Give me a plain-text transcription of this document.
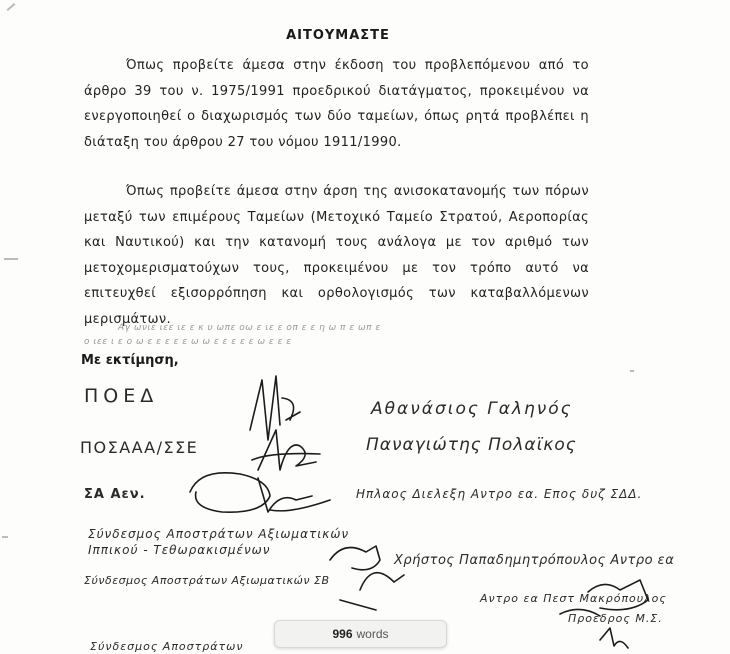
ΑΙΤΟΥΜΑΣΤΕ

Όπως προβείτε άμεσα στην έκδοση του προβλεπόμενου από το άρθρο 39 του ν. 1975/1991 προεδρικού διατάγματος, προκειμένου να ενεργοποιηθεί ο διαχωρισμός των δύο ταμείων, όπως ρητά προβλέπει η διάταξη του άρθρου 27 του νόμου 1911/1990.

Όπως προβείτε άμεσα στην άρση της ανισοκατανομής των πόρων μεταξύ των επιμέρους Ταμείων (Μετοχικό Ταμείο Στρατού, Αεροπορίας και Ναυτικού) και την κατανομή τους ανάλογα με τον αριθμό των μετοχομερισματούχων τους, προκειμένου με τον τρόπο αυτό να επιτευχθεί εξισορρόπηση και ορθολογισμός των καταβαλλόμενων μερισμάτων.

Αγ ωνιε ιεε ιε ε κ υ ωπε οω ε ιε ε οπ ε ε η ω π ε ωπ ε
ο ιεε ι ε ο ω ε ε ε ε ε ω ω ε ε ε ε ε ω ε ε ε
Με εκτίμηση,
ΠΟΕΔ
Αθανάσιος Γαληνός
ΠΟΣΑΑΑ/ΣΣΕ	Παναγιώτης Πολαϊκος
ΣΑ Αεν.	Ηπλαος Διελεξη Αντρο εα. Επος δυζ ΣΔΔ.
Σύνδεσμος Αποστράτων Αξιωματικών Ιππικού - Τεθωρακισμένων
Χρήστος Παπαδημητρόπουλος Αντρο εα
Σύνδεσμος Αποστράτων Αξιωματικών ΣΒ
Αντρο εα Πεστ Μακρόπουλος
Σύνδεσμος Αποστράτων
Προεδρος Μ.Σ.
996 words
